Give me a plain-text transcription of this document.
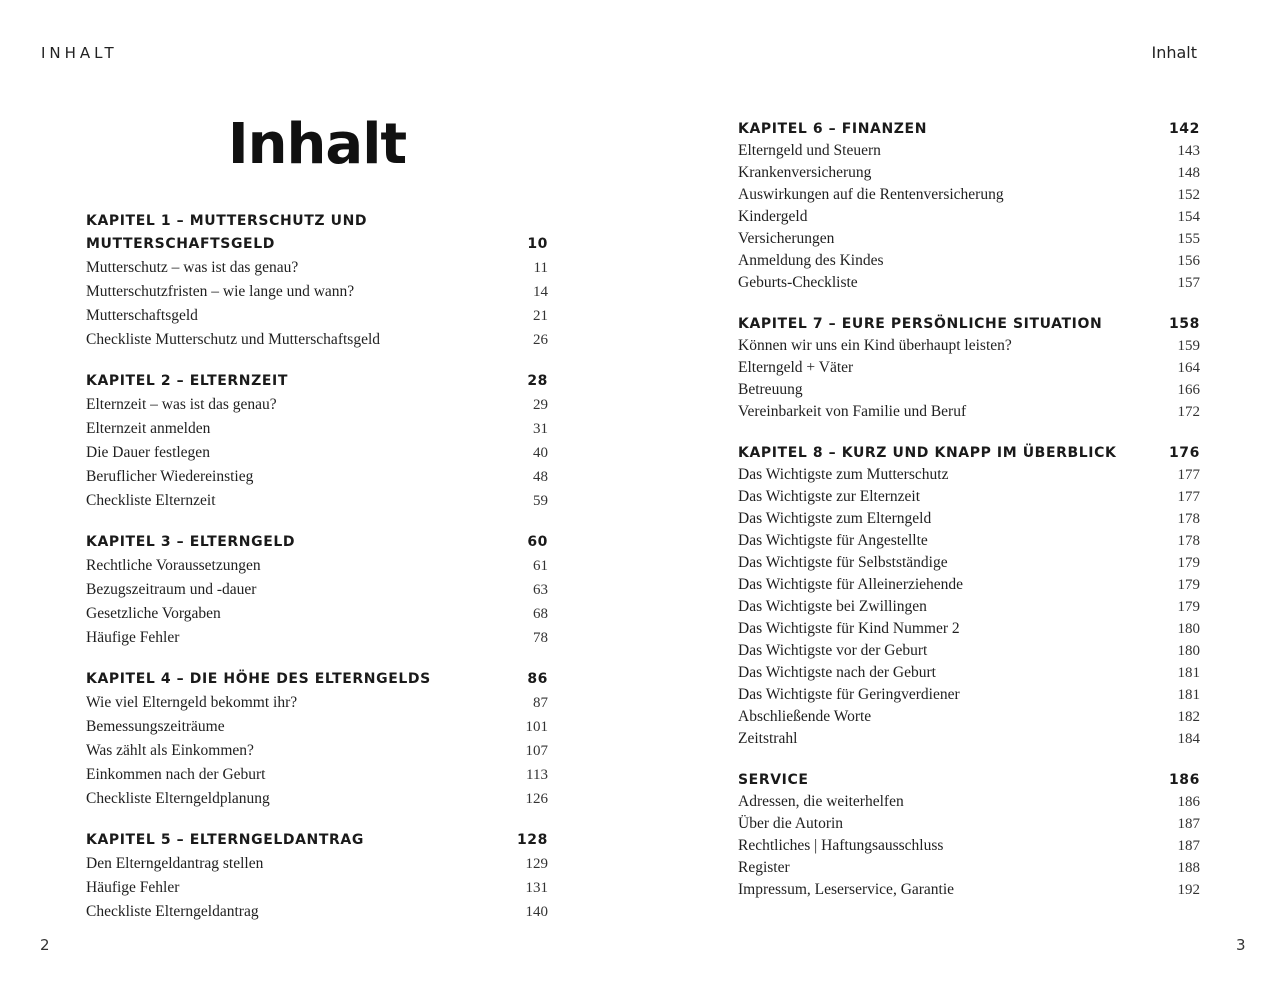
INHALT	Inhalt
Inhalt
KAPITEL 1 – MUTTERSCHUTZ UND MUTTERSCHAFTSGELD	10
Mutterschutz – was ist das genau?	11
Mutterschutzfristen – wie lange und wann?	14
Mutterschaftsgeld	21
Checkliste Mutterschutz und Mutterschaftsgeld	26
KAPITEL 2 – ELTERNZEIT	28
Elternzeit – was ist das genau?	29
Elternzeit anmelden	31
Die Dauer festlegen	40
Beruflicher Wiedereinstieg	48
Checkliste Elternzeit	59
KAPITEL 3 – ELTERNGELD	60
Rechtliche Voraussetzungen	61
Bezugszeitraum und -dauer	63
Gesetzliche Vorgaben	68
Häufige Fehler	78
KAPITEL 4 – DIE HÖHE DES ELTERNGELDS	86
Wie viel Elterngeld bekommt ihr?	87
Bemessungszeiträume	101
Was zählt als Einkommen?	107
Einkommen nach der Geburt	113
Checkliste Elterngeldplanung	126
KAPITEL 5 – ELTERNGELDANTRAG	128
Den Elterngeldantrag stellen	129
Häufige Fehler	131
Checkliste Elterngeldantrag	140
KAPITEL 6 – FINANZEN	142
Elterngeld und Steuern	143
Krankenversicherung	148
Auswirkungen auf die Rentenversicherung	152
Kindergeld	154
Versicherungen	155
Anmeldung des Kindes	156
Geburts-Checkliste	157
KAPITEL 7 – EURE PERSÖNLICHE SITUATION	158
Können wir uns ein Kind überhaupt leisten?	159
Elterngeld + Väter	164
Betreuung	166
Vereinbarkeit von Familie und Beruf	172
KAPITEL 8 – KURZ UND KNAPP IM ÜBERBLICK	176
Das Wichtigste zum Mutterschutz	177
Das Wichtigste zur Elternzeit	177
Das Wichtigste zum Elterngeld	178
Das Wichtigste für Angestellte	178
Das Wichtigste für Selbstständige	179
Das Wichtigste für Alleinerziehende	179
Das Wichtigste bei Zwillingen	179
Das Wichtigste für Kind Nummer 2	180
Das Wichtigste vor der Geburt	180
Das Wichtigste nach der Geburt	181
Das Wichtigste für Geringverdiener	181
Abschließende Worte	182
Zeitstrahl	184
SERVICE	186
Adressen, die weiterhelfen	186
Über die Autorin	187
Rechtliches | Haftungsausschluss	187
Register	188
Impressum, Leserservice, Garantie	192
2	3
